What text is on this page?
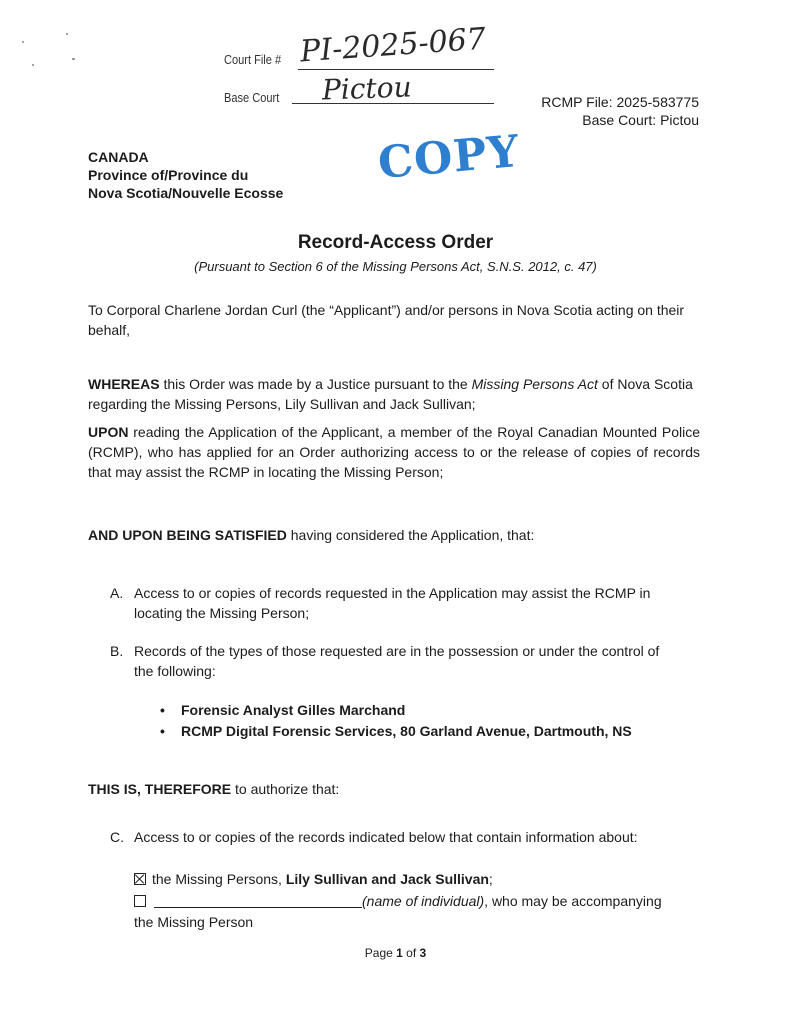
Court File # PI-2025-067
Base Court Pictou	RCMP File: 2025-583775
Base Court: Pictou
CANADA
Province of/Province du
Nova Scotia/Nouvelle Ecosse
COPY
Record-Access Order
(Pursuant to Section 6 of the Missing Persons Act, S.N.S. 2012, c. 47)
To Corporal Charlene Jordan Curl (the “Applicant”) and/or persons in Nova Scotia acting on their behalf,
WHEREAS this Order was made by a Justice pursuant to the Missing Persons Act of Nova Scotia regarding the Missing Persons, Lily Sullivan and Jack Sullivan;
UPON reading the Application of the Applicant, a member of the Royal Canadian Mounted Police (RCMP), who has applied for an Order authorizing access to or the release of copies of records that may assist the RCMP in locating the Missing Person;
AND UPON BEING SATISFIED having considered the Application, that:
A. Access to or copies of records requested in the Application may assist the RCMP in locating the Missing Person;
B. Records of the types of those requested are in the possession or under the control of the following:
• Forensic Analyst Gilles Marchand
• RCMP Digital Forensic Services, 80 Garland Avenue, Dartmouth, NS
THIS IS, THEREFORE to authorize that:
C. Access to or copies of the records indicated below that contain information about:
the Missing Persons, Lily Sullivan and Jack Sullivan;
(name of individual), who may be accompanying
the Missing Person
Page 1 of 3
